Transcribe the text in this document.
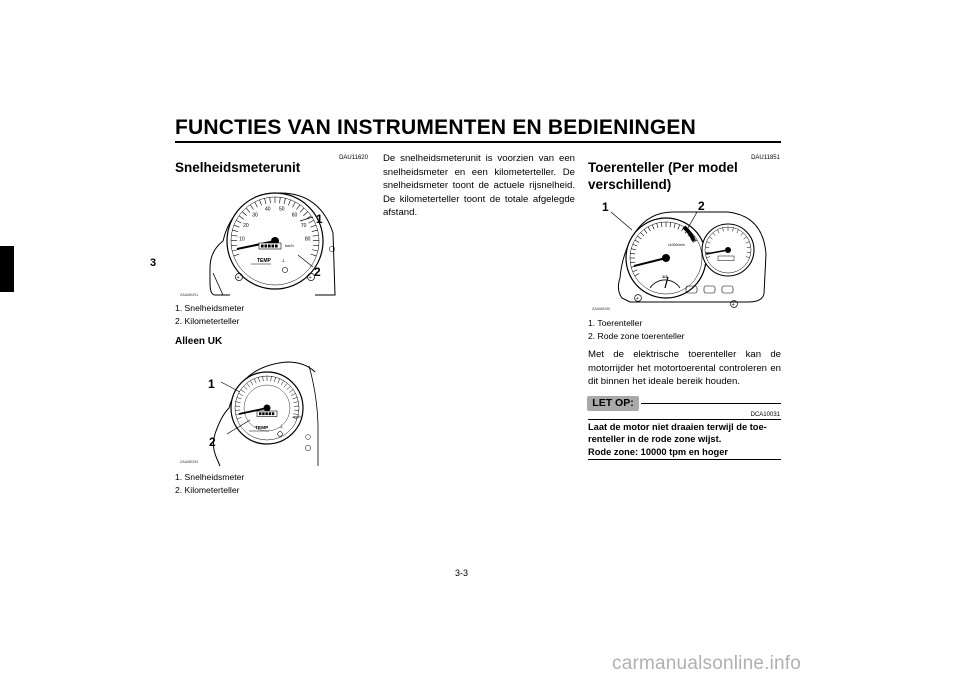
FUNCTIES VAN INSTRUMENTEN EN BEDIENINGEN
3
DAU11620
Snelheidsmeterunit
10
20
30
40 50
60
70
80
km/h
TEMP ⊥
+	+
1
2
ZAUM0291
1. Snelheidsmeter
2. Kilometerteller
Alleen UK
mph
TEMP ⊥
1
2
ZAUM0294
1. Snelheidsmeter
2. Kilometerteller
De snelheidsmeterunit is voorzien van een snelheidsmeter en een kilometerteller. De snelheidsmeter toont de actuele rijsnelheid. De kilometerteller toont de totale afgelegde afstand.
DAU11851
Toerenteller (Per model
verschillend)
x1000r/min
1/2
+
+
1	2
ZAUM0290
1. Toerenteller
2. Rode zone toerenteller
Met de elektrische toerenteller kan de motorrijder het motortoerental controleren en dit binnen het ideale bereik houden.
LET OP:
DCA10031
Laat de motor niet draaien terwijl de toe-
renteller in de rode zone wijst.
Rode zone: 10000 tpm en hoger
3-3
carmanualsonline.info
